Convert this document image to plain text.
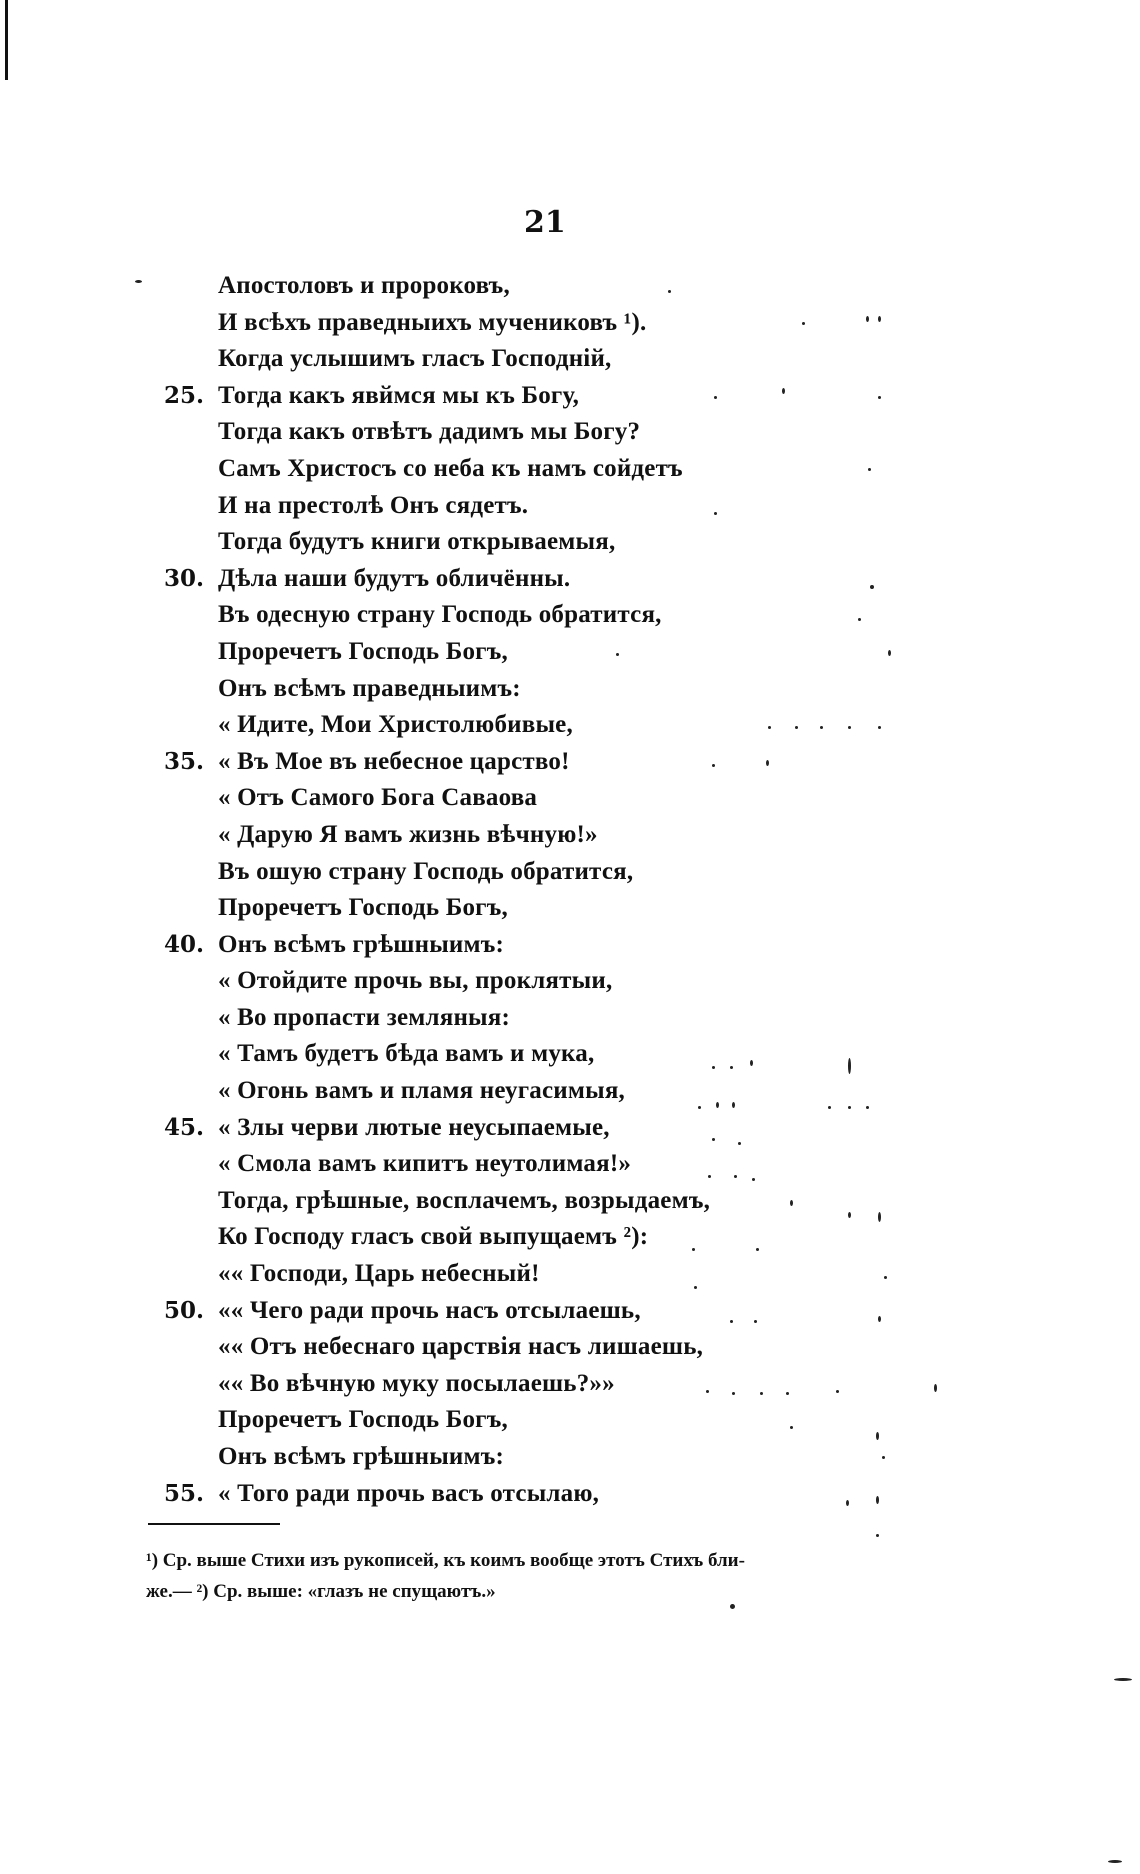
21
Апостоловъ и пророковъ,
И всѣхъ праведныихъ мучениковъ ¹).
Когда услышимъ гласъ Господній,
25. Тогда какъ явймся мы къ Богу,
Тогда какъ отвѣтъ дадимъ мы Богу?
Самъ Христосъ со неба къ намъ сойдетъ
И на престолѣ Онъ сядетъ.
Тогда будутъ книги открываемыя,
30. Дѣла наши будутъ обличённы.
Въ одесную страну Господь обратится,
Проречетъ Господь Богъ,
Онъ всѣмъ праведныимъ:
« Идите, Мои Христолюбивые,
35. « Въ Мое въ небесное царство!
« Отъ Самого Бога Саваова
« Дарую Я вамъ жизнь вѣчную!»
Въ ошую страну Господь обратится,
Проречетъ Господь Богъ,
40. Онъ всѣмъ грѣшныимъ:
« Отойдите прочь вы, проклятыи,
« Во пропасти земляныя:
« Тамъ будетъ бѣда вамъ и мука,
« Огонь вамъ и пламя неугасимыя,
45. « Злы черви лютые неусыпаемые,
« Смола вамъ кипитъ неутолимая!»
Тогда, грѣшные, восплачемъ, возрыдаемъ,
Ко Господу гласъ свой выпущаемъ ²):
«« Господи, Царь небесный!
50. «« Чего ради прочь насъ отсылаешь,
«« Отъ небеснаго царствія насъ лишаешь,
«« Во вѣчную муку посылаешь?»»
Проречетъ Господь Богъ,
Онъ всѣмъ грѣшныимъ:
55. « Того ради прочь васъ отсылаю,
¹) Ср. выше Стихи изъ рукописей, къ коимъ вообще этотъ Стихъ бли-
же.— ²) Ср. выше: «глазъ не спущаютъ.»
